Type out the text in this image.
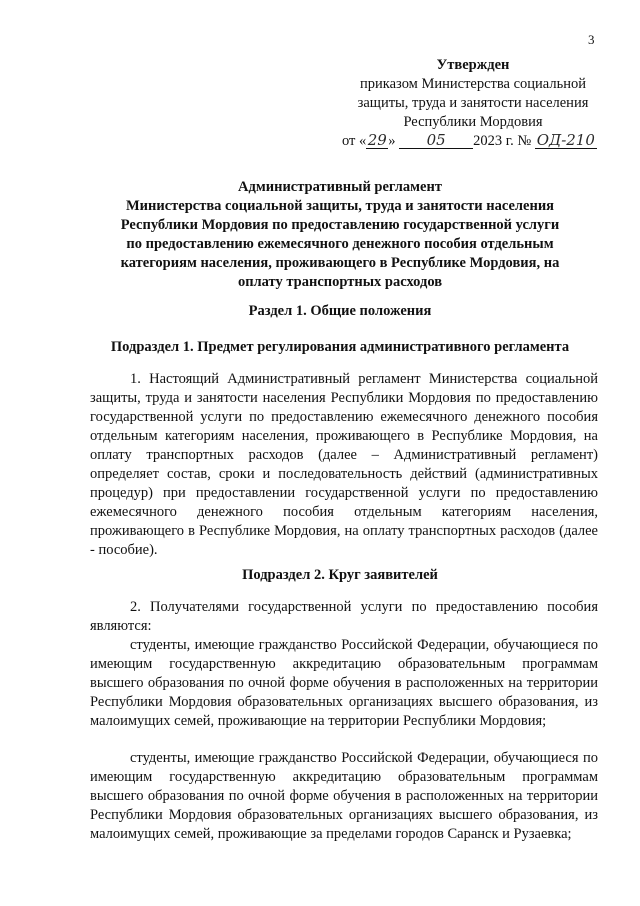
3
Утвержден
приказом Министерства социальной
защиты, труда и занятости населения
Республики Мордовия
от «29» 05 2023 г. № ОД-210
Административный регламент
Министерства социальной защиты, труда и занятости населения
Республики Мордовия по предоставлению государственной услуги
по предоставлению ежемесячного денежного пособия отдельным
категориям населения, проживающего в Республике Мордовия, на
оплату транспортных расходов
Раздел 1. Общие положения
Подраздел 1. Предмет регулирования административного регламента

1. Настоящий Административный регламент Министерства социальной защиты, труда и занятости населения Республики Мордовия по предоставлению государственной услуги по предоставлению ежемесячного денежного пособия отдельным категориям населения, проживающего в Республике Мордовия, на оплату транспортных расходов (далее – Административный регламент) определяет состав, сроки и последовательность действий (административных процедур) при предоставлении государственной услуги по предоставлению ежемесячного денежного пособия отдельным категориям населения, проживающего в Республике Мордовия, на оплату транспортных расходов (далее - пособие).

Подраздел 2. Круг заявителей

2. Получателями государственной услуги по предоставлению пособия являются:

студенты, имеющие гражданство Российской Федерации, обучающиеся по имеющим государственную аккредитацию образовательным программам высшего образования по очной форме обучения в расположенных на территории Республики Мордовия образовательных организациях высшего образования, из малоимущих семей, проживающие на территории Республики Мордовия;

студенты, имеющие гражданство Российской Федерации, обучающиеся по имеющим государственную аккредитацию образовательным программам высшего образования по очной форме обучения в расположенных на территории Республики Мордовия образовательных организациях высшего образования, из малоимущих семей, проживающие за пределами городов Саранск и Рузаевка;
